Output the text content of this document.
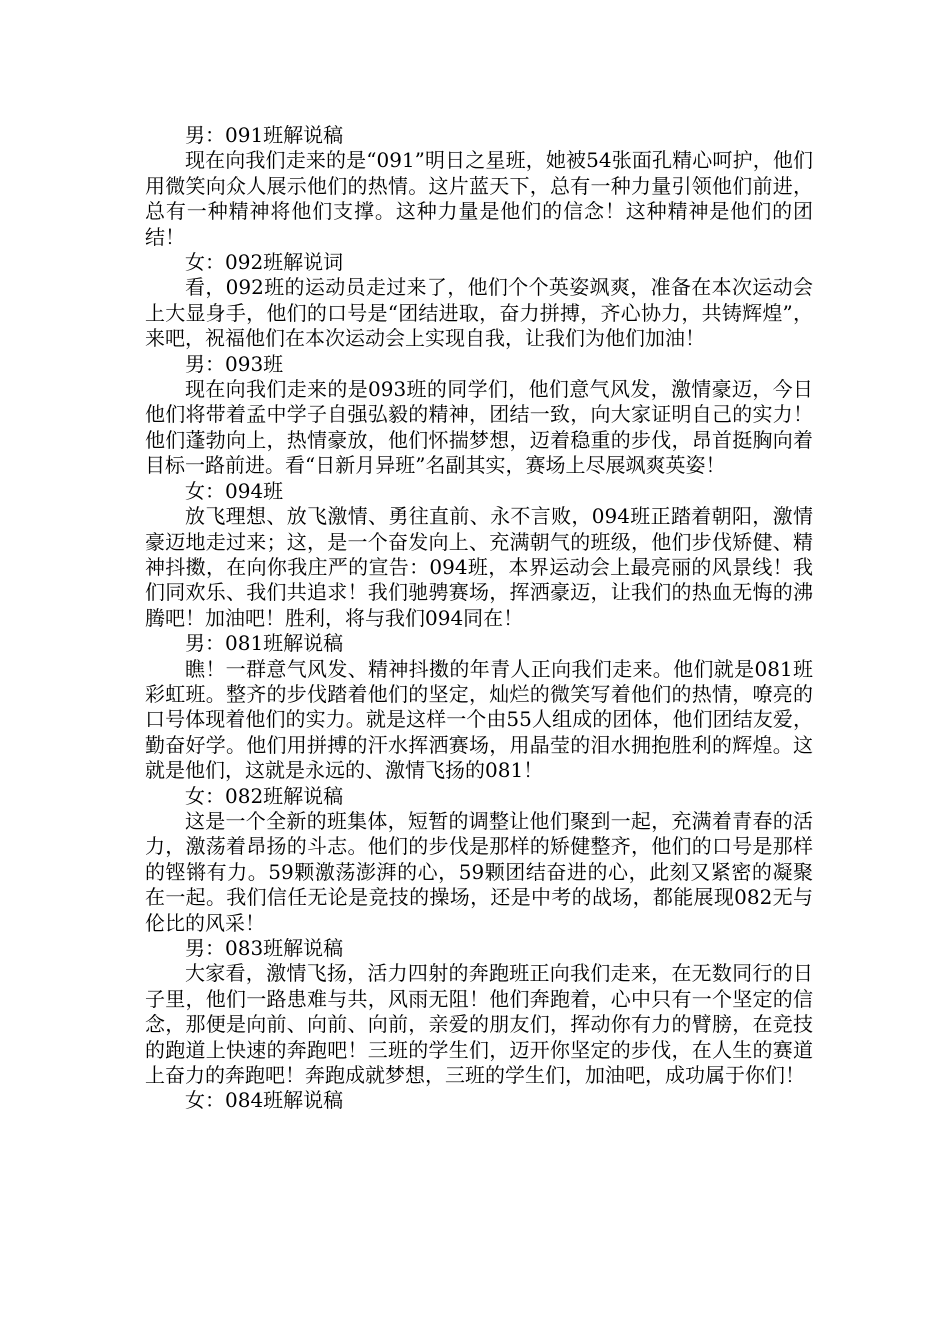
男：091班解说稿

现在向我们走来的是“091”明日之星班，她被54张面孔精心呵护，他们用微笑向众人展示他们的热情。这片蓝天下，总有一种力量引领他们前进，总有一种精神将他们支撑。这种力量是他们的信念！这种精神是他们的团结！

女：092班解说词

看，092班的运动员走过来了，他们个个英姿飒爽，准备在本次运动会上大显身手，他们的口号是“团结进取，奋力拼搏，齐心协力，共铸辉煌”，来吧，祝福他们在本次运动会上实现自我，让我们为他们加油！

男：093班

现在向我们走来的是093班的同学们，他们意气风发，激情豪迈，今日他们将带着孟中学子自强弘毅的精神，团结一致，向大家证明自己的实力！他们蓬勃向上，热情豪放，他们怀揣梦想，迈着稳重的步伐，昂首挺胸向着目标一路前进。看“日新月异班”名副其实，赛场上尽展飒爽英姿！

女：094班

放飞理想、放飞激情、勇往直前、永不言败，094班正踏着朝阳，激情豪迈地走过来；这，是一个奋发向上、充满朝气的班级，他们步伐矫健、精神抖擞，在向你我庄严的宣告：094班，本界运动会上最亮丽的风景线！我们同欢乐、我们共追求！我们驰骋赛场，挥洒豪迈，让我们的热血无悔的沸腾吧！加油吧！胜利，将与我们094同在！

男：081班解说稿

瞧！一群意气风发、精神抖擞的年青人正向我们走来。他们就是081班彩虹班。整齐的步伐踏着他们的坚定，灿烂的微笑写着他们的热情，嘹亮的口号体现着他们的实力。就是这样一个由55人组成的团体，他们团结友爱，勤奋好学。他们用拼搏的汗水挥洒赛场，用晶莹的泪水拥抱胜利的辉煌。这就是他们，这就是永远的、激情飞扬的081！

女：082班解说稿

这是一个全新的班集体，短暂的调整让他们聚到一起，充满着青春的活力，激荡着昂扬的斗志。他们的步伐是那样的矫健整齐，他们的口号是那样的铿锵有力。59颗激荡澎湃的心，59颗团结奋进的心，此刻又紧密的凝聚在一起。我们信任无论是竞技的操场，还是中考的战场，都能展现082无与伦比的风采！

男：083班解说稿

大家看，激情飞扬，活力四射的奔跑班正向我们走来，在无数同行的日子里，他们一路患难与共，风雨无阻！他们奔跑着，心中只有一个坚定的信念，那便是向前、向前、向前，亲爱的朋友们，挥动你有力的臂膀，在竞技的跑道上快速的奔跑吧！三班的学生们，迈开你坚定的步伐，在人生的赛道上奋力的奔跑吧！奔跑成就梦想，三班的学生们，加油吧，成功属于你们！

女：084班解说稿
